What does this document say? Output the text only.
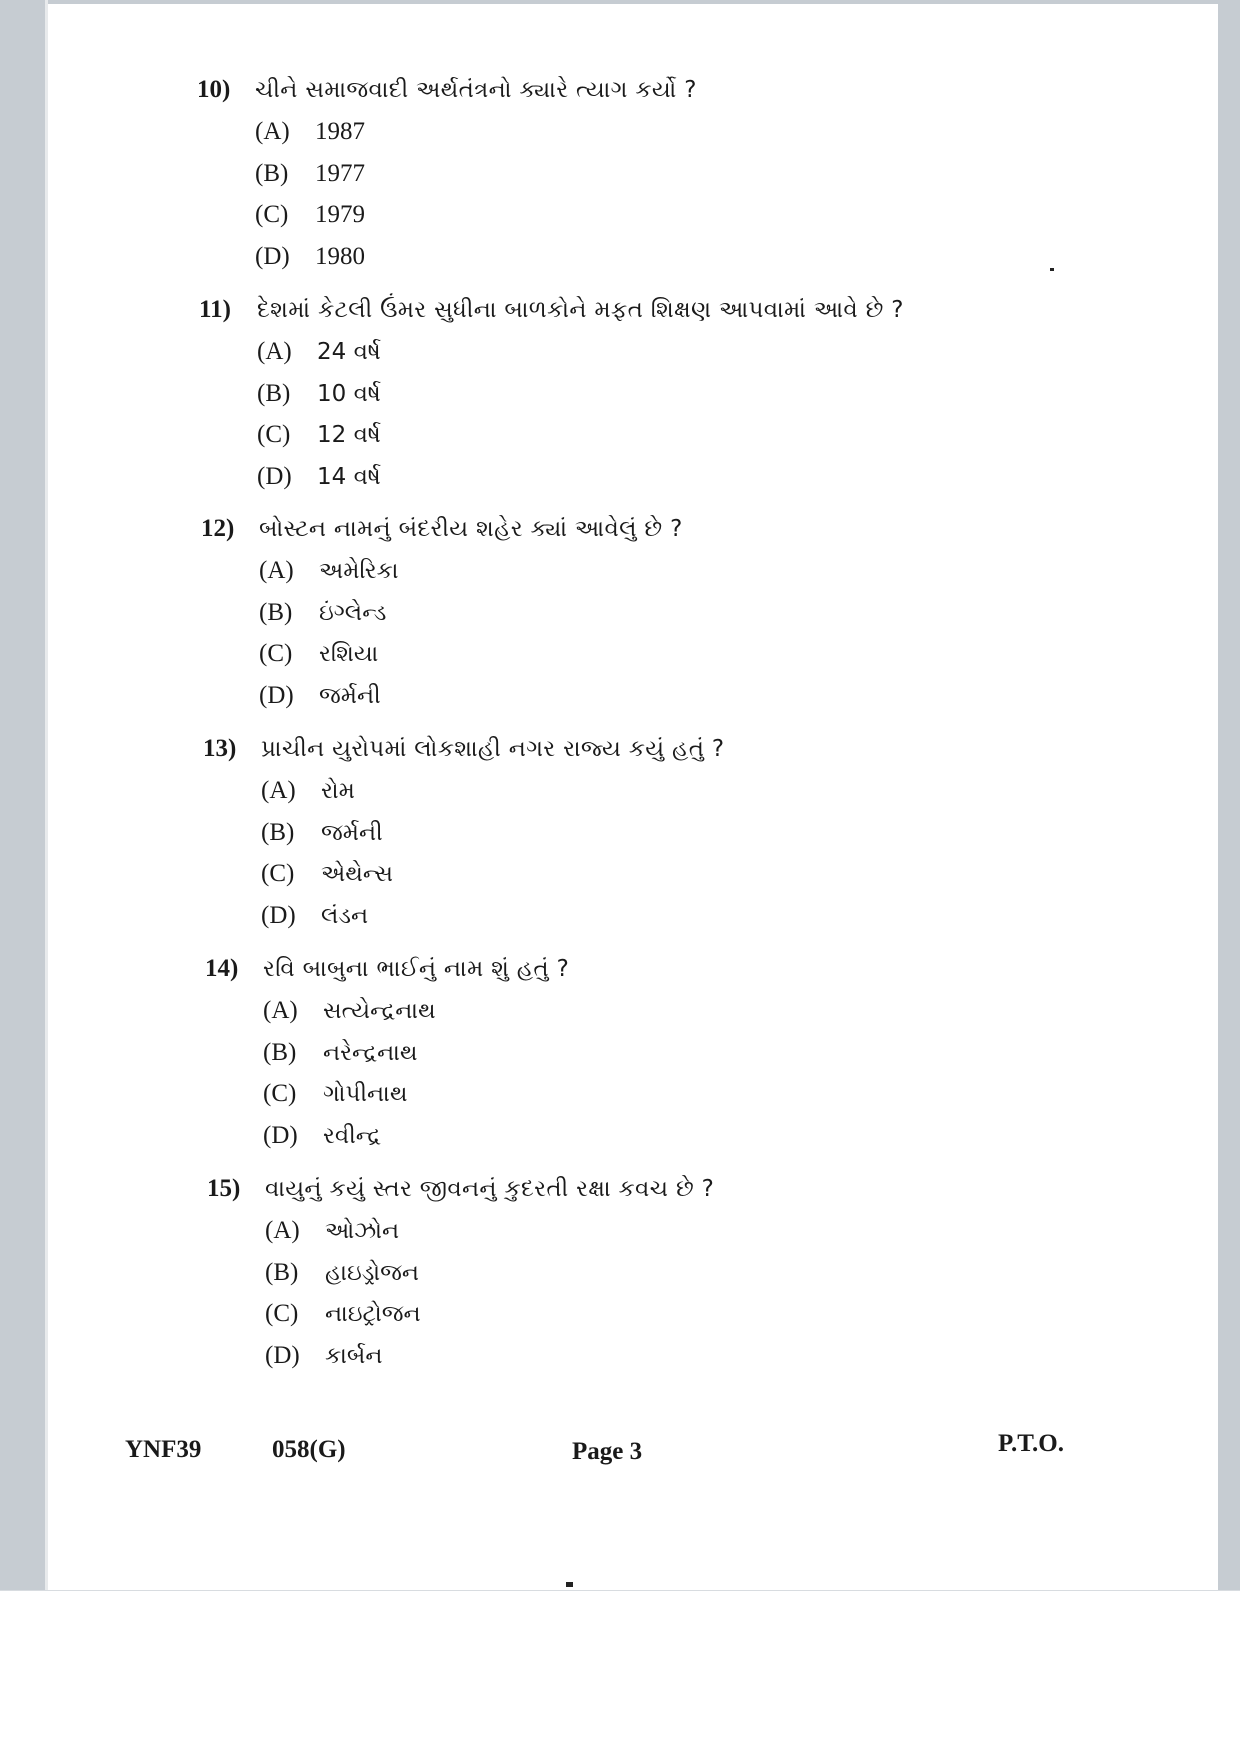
10)	ચીને સમાજવાદી અર્થતંત્રનો ક્યારે ત્યાગ કર્યો ?
(A)	1987
(B)	1977
(C)	1979
(D)	1980
11)	દેશમાં કેટલી ઉંમર સુધીના બાળકોને મફત શિક્ષણ આપવામાં આવે છે ?
(A)	24 વર્ષ
(B)	10 વર્ષ
(C)	12 વર્ષ
(D)	14 વર્ષ
12)	બોસ્ટન નામનું બંદરીય શહેર ક્યાં આવેલું છે ?
(A)	અમેરિકા
(B)	ઇંગ્લેન્ડ
(C)	રશિયા
(D)	જર્મની
13)	પ્રાચીન યુરોપમાં લોકશાહી નગર રાજ્ય કયું હતું ?
(A)	રોમ
(B)	જર્મની
(C)	એથેન્સ
(D)	લંડન
14)	રવિ બાબુના ભાઈનું નામ શું હતું ?
(A)	સત્યેન્દ્રનાથ
(B)	નરેન્દ્રનાથ
(C)	ગોપીનાથ
(D)	રવીન્દ્ર
15)	વાયુનું કયું સ્તર જીવનનું કુદરતી રક્ષા કવચ છે ?
(A)	ઓઝોન
(B)	હાઇડ્રોજન
(C)	નાઇટ્રોજન
(D)	કાર્બન
YNF39	058(G)	Page 3	P.T.O.
